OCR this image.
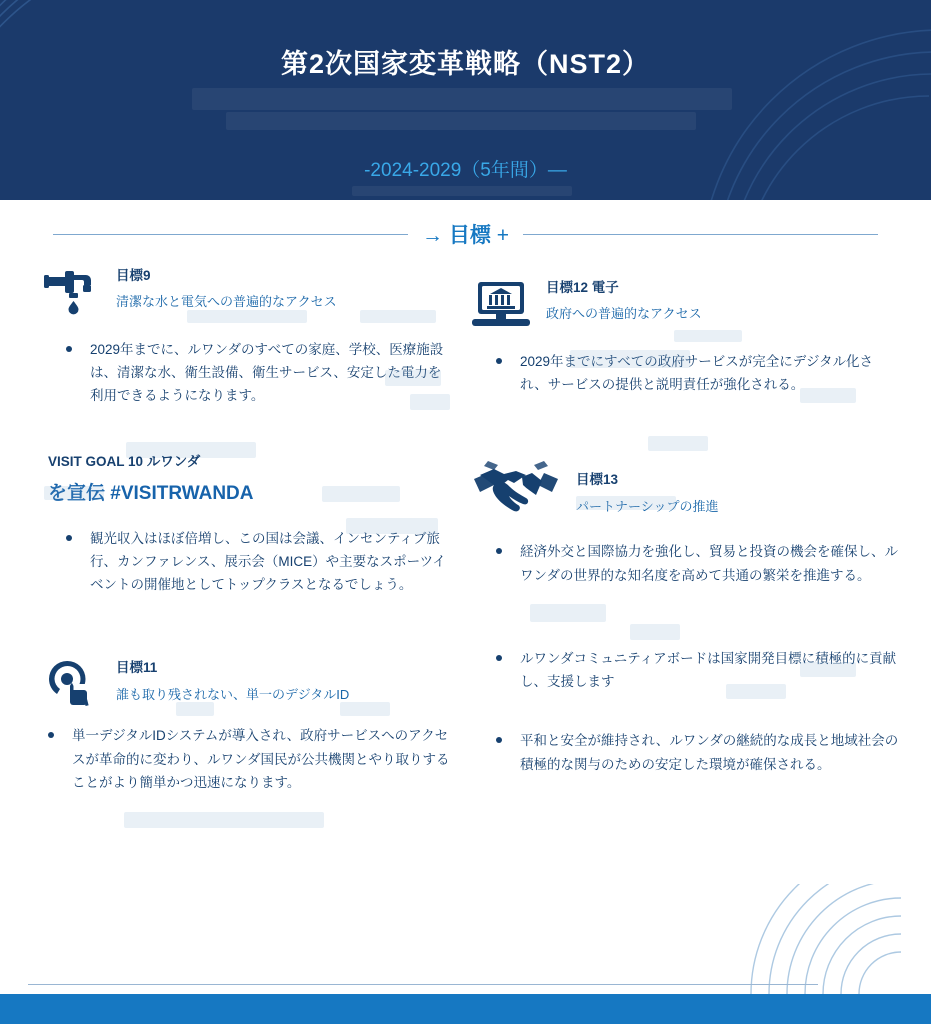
第2次国家変革戦略（NST2）
-2024-2029（5年間）—
→ 目標 +
目標9
清潔な水と電気への普遍的なアクセス
2029年までに、ルワンダのすべての家庭、学校、医療施設は、清潔な水、衛生設備、衛生サービス、安定した電力を利用できるようになります。
VISIT GOAL 10 ルワンダ
を宣伝 #VISITRWANDA
観光収入はほぼ倍増し、この国は会議、インセンティブ旅行、カンファレンス、展示会（MICE）や主要なスポーツイベントの開催地としてトップクラスとなるでしょう。
目標11
誰も取り残されない、単一のデジタルID
単一デジタルIDシステムが導入され、政府サービスへのアクセスが革命的に変わり、ルワンダ国民が公共機関とやり取りすることがより簡単かつ迅速になります。
目標12 電子
政府への普遍的なアクセス
2029年までにすべての政府サービスが完全にデジタル化され、サービスの提供と説明責任が強化される。
目標13
パートナーシップの推進
経済外交と国際協力を強化し、貿易と投資の機会を確保し、ルワンダの世界的な知名度を高めて共通の繁栄を推進する。
ルワンダコミュニティアボードは国家開発目標に積極的に貢献し、支援します
平和と安全が維持され、ルワンダの継続的な成長と地域社会の積極的な関与のための安定した環境が確保される。
